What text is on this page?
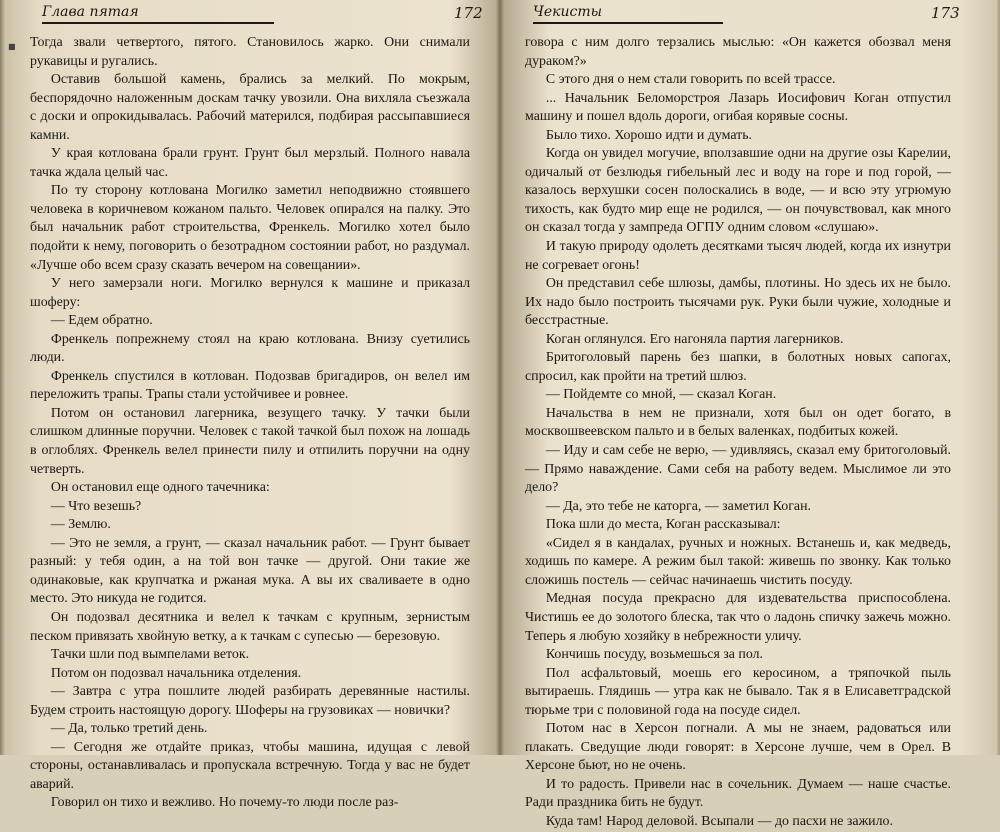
Глава пятая	172
■ Тогда звали четвертого, пятого. Становилось жарко. Они снимали рукавицы и ругались.

Оставив большой камень, брались за мелкий. По мокрым, беспорядочно наложенным доскам тачку увозили. Она вихляла съезжала с доски и опрокидывалась. Рабочий матерился, подбирая рассыпавшиеся камни.

У края котлована брали грунт. Грунт был мерзлый. Полного навала тачка ждала целый час.

По ту сторону котлована Могилко заметил неподвижно стоявшего человека в коричневом кожаном пальто. Человек опирался на палку. Это был начальник работ строительства, Френкель. Могилко хотел было подойти к нему, поговорить о безотрадном состоянии работ, но раздумал. «Лучше обо всем сразу сказать вечером на совещании».

У него замерзали ноги. Могилко вернулся к машине и приказал шоферу:

— Едем обратно.

Френкель попрежнему стоял на краю котлована. Внизу суетились люди.

Френкель спустился в котлован. Подозвав бригадиров, он велел им переложить трапы. Трапы стали устойчивее и ровнее.

Потом он остановил лагерника, везущего тачку. У тачки были слишком длинные поручни. Человек с такой тачкой был похож на лошадь в оглоблях. Френкель велел принести пилу и отпилить поручни на одну четверть.

Он остановил еще одного тачечника:

— Что везешь?

— Землю.

— Это не земля, а грунт, — сказал начальник работ. — Грунт бывает разный: у тебя один, а на той вон тачке — другой. Они такие же одинаковые, как крупчатка и ржаная мука. А вы их сваливаете в одно место. Это никуда не годится.

Он подозвал десятника и велел к тачкам с крупным, зернистым песком привязать хвойную ветку, а к тачкам с супесью — березовую.

Тачки шли под вымпелами веток.

Потом он подозвал начальника отделения.

— Завтра с утра пошлите людей разбирать деревянные настилы. Будем строить настоящую дорогу. Шоферы на грузовиках — новички?

— Да, только третий день.

— Сегодня же отдайте приказ, чтобы машина, идущая с левой стороны, останавливалась и пропускала встречную. Тогда у вас не будет аварий.

Говорил он тихо и вежливо. Но почему-то люди после раз-

Чекисты	173

говора с ним долго терзались мыслью: «Он кажется обозвал меня дураком?»

С этого дня о нем стали говорить по всей трассе.

... Начальник Беломорстроя Лазарь Иосифович Коган отпустил машину и пошел вдоль дороги, огибая корявые сосны.

Было тихо. Хорошо идти и думать.

Когда он увидел могучие, вползавшие одни на другие озы Карелии, одичалый от безлюдья гибельный лес и воду на горе и под горой, — казалось верхушки сосен полоскались в воде, — и всю эту угрюмую тихость, как будто мир еще не родился, — он почувствовал, как много он сказал тогда у зампреда ОГПУ одним словом «слушаю».

И такую природу одолеть десятками тысяч людей, когда их изнутри не согревает огонь!

Он представил себе шлюзы, дамбы, плотины. Но здесь их не было. Их надо было построить тысячами рук. Руки были чужие, холодные и бесстрастные.

Коган оглянулся. Его нагоняла партия лагерников.

Бритоголовый парень без шапки, в болотных новых сапогах, спросил, как пройти на третий шлюз.

— Пойдемте со мной, — сказал Коган.

Начальства в нем не признали, хотя был он одет богато, в москвошвеевском пальто и в белых валенках, подбитых кожей.

— Иду и сам себе не верю, — удивляясь, сказал ему бритоголовый. — Прямо наваждение. Сами себя на работу ведем. Мыслимое ли это дело?

— Да, это тебе не каторга, — заметил Коган.

Пока шли до места, Коган рассказывал:

«Сидел я в кандалах, ручных и ножных. Встанешь и, как медведь, ходишь по камере. А режим был такой: живешь по звонку. Как только сложишь постель — сейчас начинаешь чистить посуду.

Медная посуда прекрасно для издевательства приспособлена. Чистишь ее до золотого блеска, так что о ладонь спичку зажечь можно. Теперь я любую хозяйку в небрежности уличу.

Кончишь посуду, возьмешься за пол.

Пол асфальтовый, моешь его керосином, а тряпочкой пыль вытираешь. Глядишь — утра как не бывало. Так я в Елисаветградской тюрьме три с половиной года на посуде сидел.

Потом нас в Херсон погнали. А мы не знаем, радоваться или плакать. Сведущие люди говорят: в Херсоне лучше, чем в Орел. В Херсоне бьют, но не очень.

И то радость. Привели нас в сочельник. Думаем — наше счастье. Ради праздника бить не будут.

Куда там! Народ деловой. Всыпали — до пасхи не зажило.
